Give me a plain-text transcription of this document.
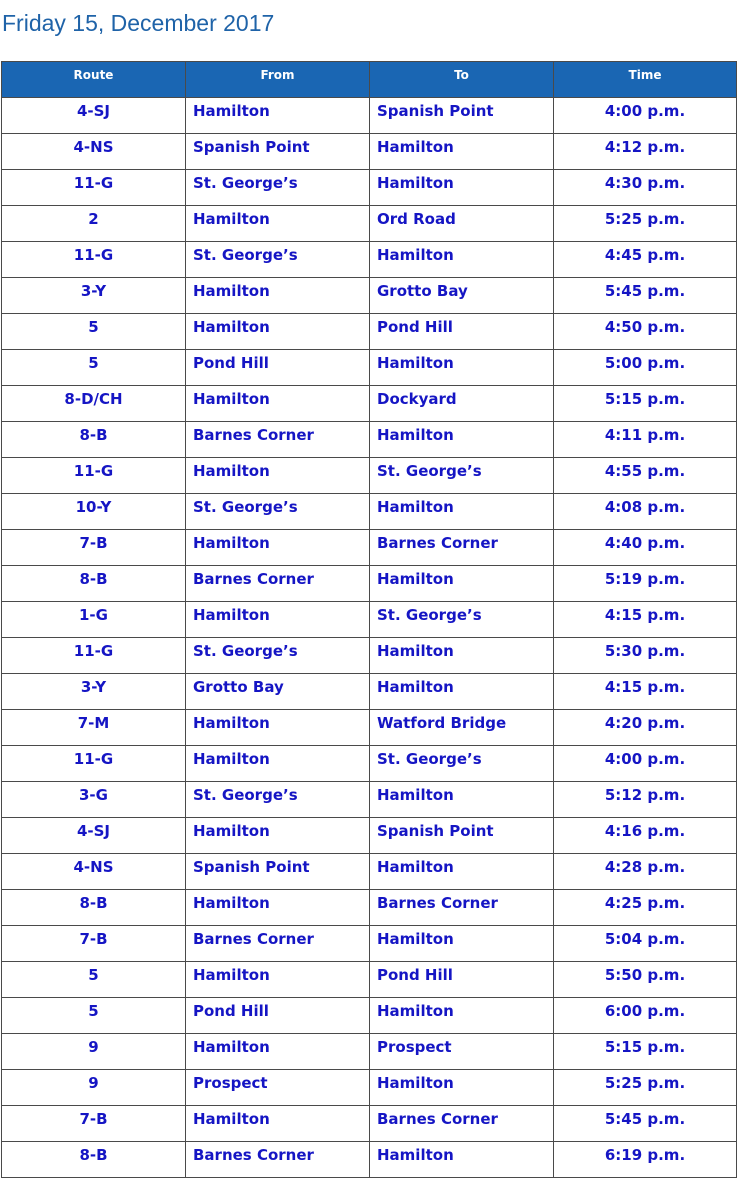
Friday 15, December 2017
Route	From	To	Time
4-SJ	Hamilton	Spanish Point	4:00 p.m.
4-NS	Spanish Point	Hamilton	4:12 p.m.
11-G	St. George’s	Hamilton	4:30 p.m.
2	Hamilton	Ord Road	5:25 p.m.
11-G	St. George’s	Hamilton	4:45 p.m.
3-Y	Hamilton	Grotto Bay	5:45 p.m.
5	Hamilton	Pond Hill	4:50 p.m.
5	Pond Hill	Hamilton	5:00 p.m.
8-D/CH	Hamilton	Dockyard	5:15 p.m.
8-B	Barnes Corner	Hamilton	4:11 p.m.
11-G	Hamilton	St. George’s	4:55 p.m.
10-Y	St. George’s	Hamilton	4:08 p.m.
7-B	Hamilton	Barnes Corner	4:40 p.m.
8-B	Barnes Corner	Hamilton	5:19 p.m.
1-G	Hamilton	St. George’s	4:15 p.m.
11-G	St. George’s	Hamilton	5:30 p.m.
3-Y	Grotto Bay	Hamilton	4:15 p.m.
7-M	Hamilton	Watford Bridge	4:20 p.m.
11-G	Hamilton	St. George’s	4:00 p.m.
3-G	St. George’s	Hamilton	5:12 p.m.
4-SJ	Hamilton	Spanish Point	4:16 p.m.
4-NS	Spanish Point	Hamilton	4:28 p.m.
8-B	Hamilton	Barnes Corner	4:25 p.m.
7-B	Barnes Corner	Hamilton	5:04 p.m.
5	Hamilton	Pond Hill	5:50 p.m.
5	Pond Hill	Hamilton	6:00 p.m.
9	Hamilton	Prospect	5:15 p.m.
9	Prospect	Hamilton	5:25 p.m.
7-B	Hamilton	Barnes Corner	5:45 p.m.
8-B	Barnes Corner	Hamilton	6:19 p.m.
